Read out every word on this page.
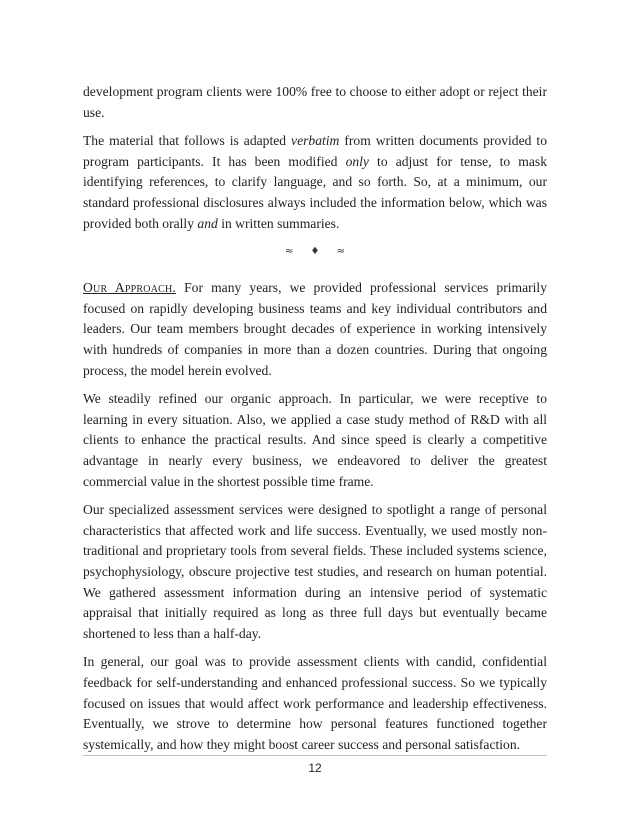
development program clients were 100% free to choose to either adopt or reject their use.

The material that follows is adapted verbatim from written documents provided to program participants. It has been modified only to adjust for tense, to mask identifying references, to clarify language, and so forth. So, at a minimum, our standard professional disclosures always included the information below, which was provided both orally and in written summaries.

≈ ♦ ≈

Our Approach. For many years, we provided professional services primarily focused on rapidly developing business teams and key individual contributors and leaders. Our team members brought decades of experience in working intensively with hundreds of companies in more than a dozen countries. During that ongoing process, the model herein evolved.

We steadily refined our organic approach. In particular, we were receptive to learning in every situation. Also, we applied a case study method of R&D with all clients to enhance the practical results. And since speed is clearly a competitive advantage in nearly every business, we endeavored to deliver the greatest commercial value in the shortest possible time frame.

Our specialized assessment services were designed to spotlight a range of personal characteristics that affected work and life success. Eventually, we used mostly non-traditional and proprietary tools from several fields. These included systems science, psychophysiology, obscure projective test studies, and research on human potential. We gathered assessment information during an intensive period of systematic appraisal that initially required as long as three full days but eventually became shortened to less than a half-day.

In general, our goal was to provide assessment clients with candid, confidential feedback for self-understanding and enhanced professional success. So we typically focused on issues that would affect work performance and leadership effectiveness. Eventually, we strove to determine how personal features functioned together systemically, and how they might boost career success and personal satisfaction.

12
